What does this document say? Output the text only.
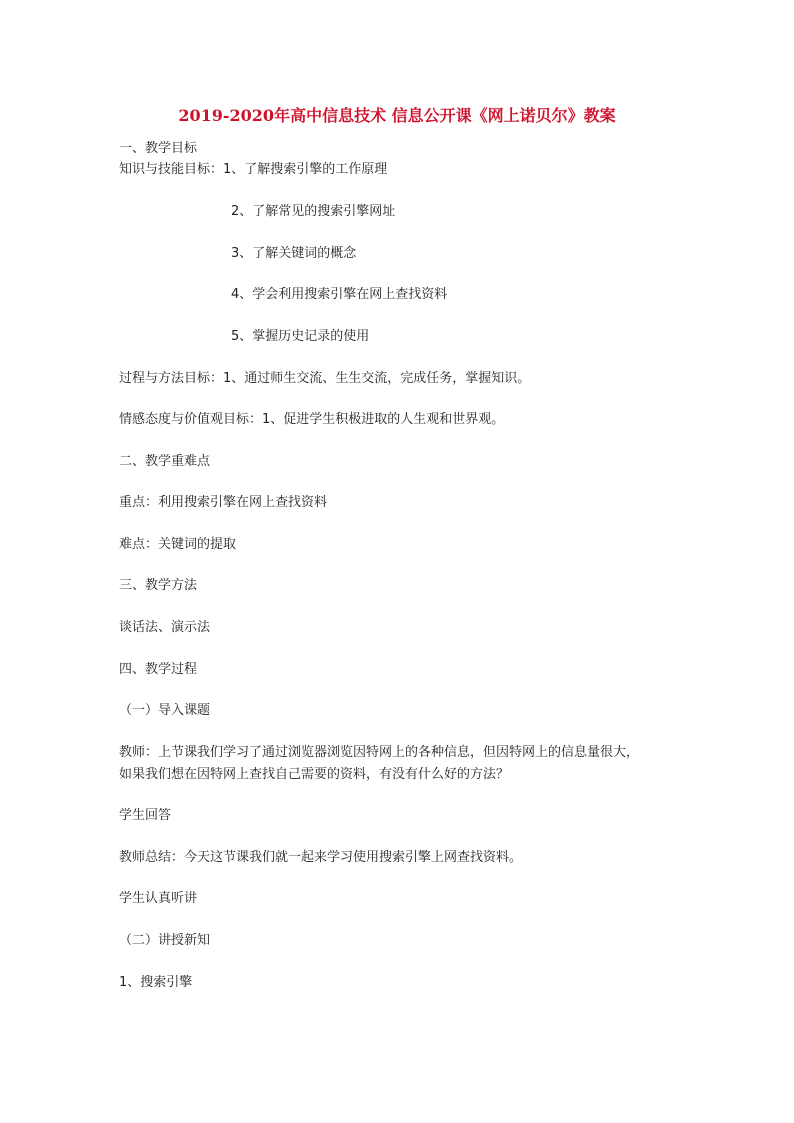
2019-2020年高中信息技术 信息公开课《网上诺贝尔》教案
一、教学目标
知识与技能目标：1、了解搜索引擎的工作原理
2、了解常见的搜索引擎网址
3、了解关键词的概念
4、学会利用搜索引擎在网上查找资料
5、掌握历史记录的使用
过程与方法目标：1、通过师生交流、生生交流，完成任务，掌握知识。
情感态度与价值观目标：1、促进学生积极进取的人生观和世界观。
二、教学重难点
重点：利用搜索引擎在网上查找资料
难点：关键词的提取
三、教学方法
谈话法、演示法
四、教学过程
（一）导入课题
教师：上节课我们学习了通过浏览器浏览因特网上的各种信息，但因特网上的信息量很大，
如果我们想在因特网上查找自己需要的资料，有没有什么好的方法？
学生回答
教师总结：今天这节课我们就一起来学习使用搜索引擎上网查找资料。
学生认真听讲
（二）讲授新知
1、搜索引擎
